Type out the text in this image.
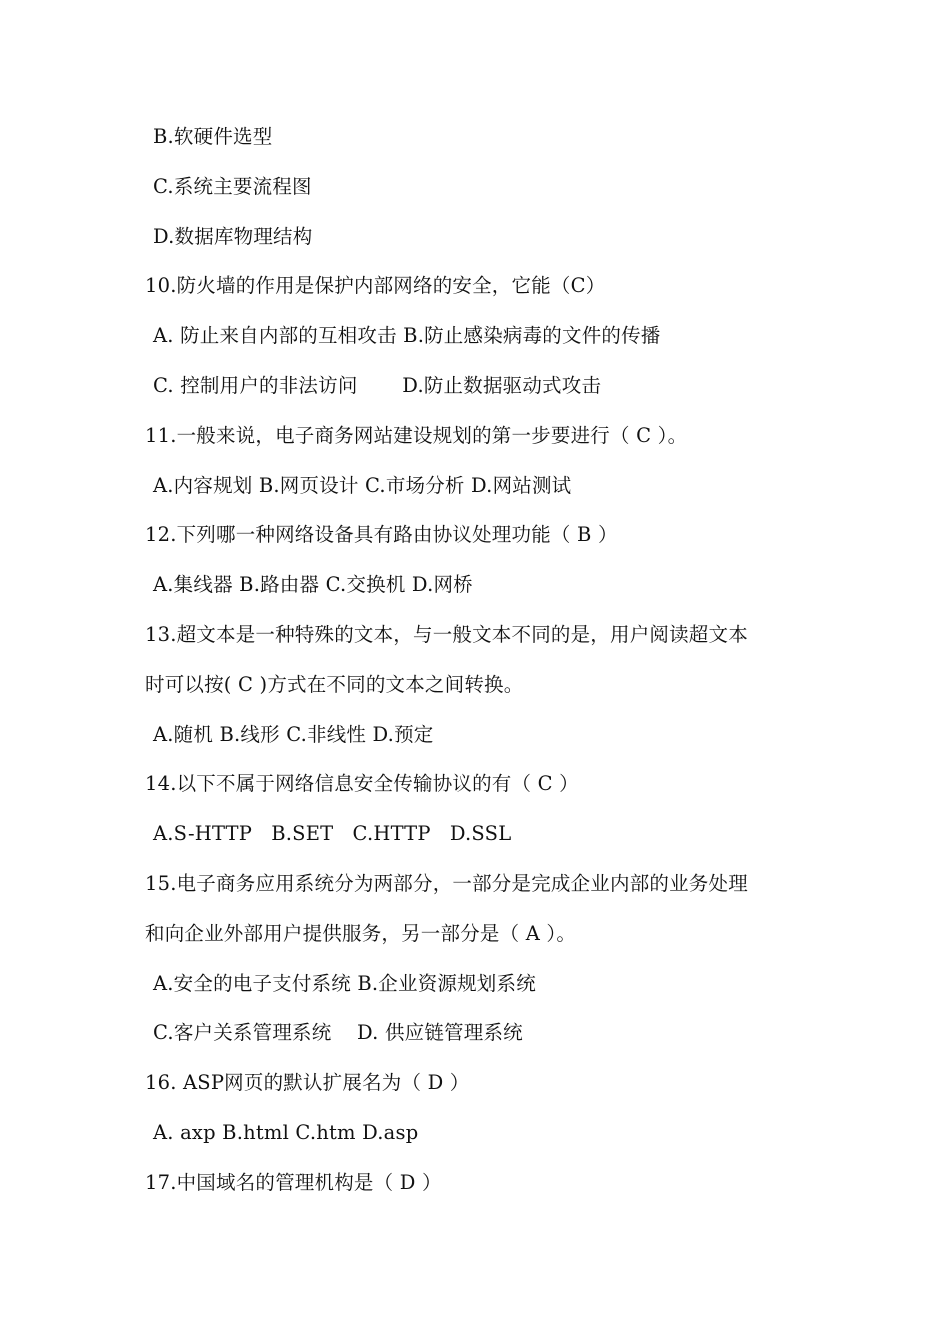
B.软硬件选型
C.系统主要流程图
D.数据库物理结构
10.防火墙的作用是保护内部网络的安全，它能（C）
A. 防止来自内部的互相攻击 B.防止感染病毒的文件的传播
C. 控制用户的非法访问       D.防止数据驱动式攻击
11.一般来说，电子商务网站建设规划的第一步要进行（ C ）。
A.内容规划 B.网页设计 C.市场分析 D.网站测试
12.下列哪一种网络设备具有路由协议处理功能（ B ）
A.集线器 B.路由器 C.交换机 D.网桥
13.超文本是一种特殊的文本，与一般文本不同的是，用户阅读超文本
时可以按( C )方式在不同的文本之间转换。
A.随机 B.线形 C.非线性 D.预定
14.以下不属于网络信息安全传输协议的有（ C ）
A.S-HTTP   B.SET   C.HTTP   D.SSL
15.电子商务应用系统分为两部分，一部分是完成企业内部的业务处理
和向企业外部用户提供服务，另一部分是（ A ）。
A.安全的电子支付系统 B.企业资源规划系统
C.客户关系管理系统    D. 供应链管理系统
16. ASP网页的默认扩展名为（ D ）
A. axp B.html C.htm D.asp
17.中国域名的管理机构是（ D ）
